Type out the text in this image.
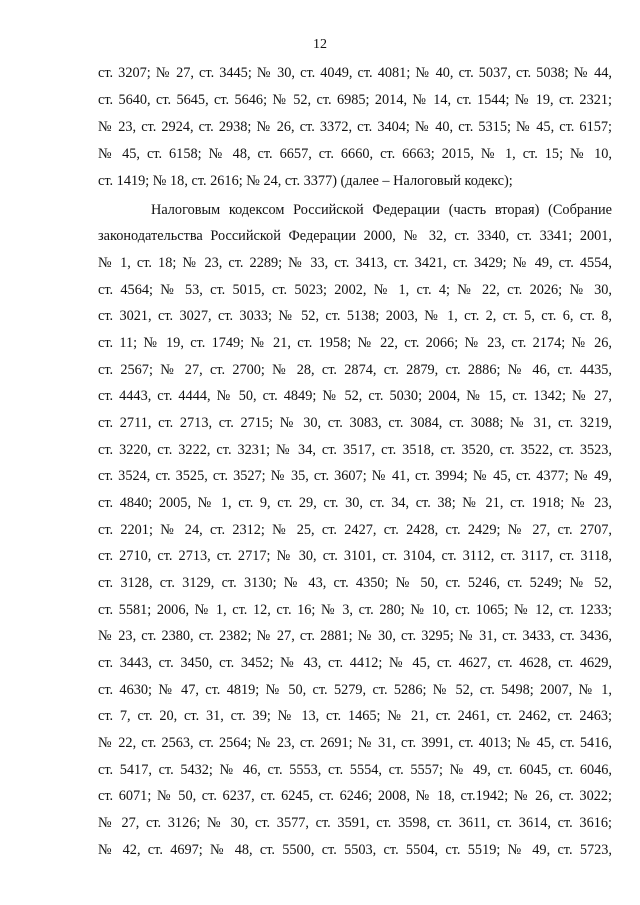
12
ст. 3207; № 27, ст. 3445; № 30, ст. 4049, ст. 4081; № 40, ст. 5037, ст. 5038; № 44,
ст. 5640, ст. 5645, ст. 5646; № 52, ст. 6985; 2014, № 14, ст. 1544; № 19, ст. 2321;
№ 23, ст. 2924, ст. 2938; № 26, ст. 3372, ст. 3404; № 40, ст. 5315; № 45, ст. 6157;
№ 45, ст. 6158; № 48, ст. 6657, ст. 6660, ст. 6663; 2015, № 1, ст. 15; № 10,
ст. 1419; № 18, ст. 2616; № 24, ст. 3377) (далее – Налоговый кодекс);
Налоговым кодексом Российской Федерации (часть вторая) (Собрание
законодательства Российской Федерации 2000, № 32, ст. 3340, ст. 3341; 2001,
№ 1, ст. 18; № 23, ст. 2289; № 33, ст. 3413, ст. 3421, ст. 3429; № 49, ст. 4554,
ст. 4564; № 53, ст. 5015, ст. 5023; 2002, № 1, ст. 4; № 22, ст. 2026; № 30,
ст. 3021, ст. 3027, ст. 3033; № 52, ст. 5138; 2003, № 1, ст. 2, ст. 5, ст. 6, ст. 8,
ст. 11; № 19, ст. 1749; № 21, ст. 1958; № 22, ст. 2066; № 23, ст. 2174; № 26,
ст. 2567; № 27, ст. 2700; № 28, ст. 2874, ст. 2879, ст. 2886; № 46, ст. 4435,
ст. 4443, ст. 4444, № 50, ст. 4849; № 52, ст. 5030; 2004, № 15, ст. 1342; № 27,
ст. 2711, ст. 2713, ст. 2715; № 30, ст. 3083, ст. 3084, ст. 3088; № 31, ст. 3219,
ст. 3220, ст. 3222, ст. 3231; № 34, ст. 3517, ст. 3518, ст. 3520, ст. 3522, ст. 3523,
ст. 3524, ст. 3525, ст. 3527; № 35, ст. 3607; № 41, ст. 3994; № 45, ст. 4377; № 49,
ст. 4840; 2005, № 1, ст. 9, ст. 29, ст. 30, ст. 34, ст. 38; № 21, ст. 1918; № 23,
ст. 2201; № 24, ст. 2312; № 25, ст. 2427, ст. 2428, ст. 2429; № 27, ст. 2707,
ст. 2710, ст. 2713, ст. 2717; № 30, ст. 3101, ст. 3104, ст. 3112, ст. 3117, ст. 3118,
ст. 3128, ст. 3129, ст. 3130; № 43, ст. 4350; № 50, ст. 5246, ст. 5249; № 52,
ст. 5581; 2006, № 1, ст. 12, ст. 16; № 3, ст. 280; № 10, ст. 1065; № 12, ст. 1233;
№ 23, ст. 2380, ст. 2382; № 27, ст. 2881; № 30, ст. 3295; № 31, ст. 3433, ст. 3436,
ст. 3443, ст. 3450, ст. 3452; № 43, ст. 4412; № 45, ст. 4627, ст. 4628, ст. 4629,
ст. 4630; № 47, ст. 4819; № 50, ст. 5279, ст. 5286; № 52, ст. 5498; 2007, № 1,
ст. 7, ст. 20, ст. 31, ст. 39; № 13, ст. 1465; № 21, ст. 2461, ст. 2462, ст. 2463;
№ 22, ст. 2563, ст. 2564; № 23, ст. 2691; № 31, ст. 3991, ст. 4013; № 45, ст. 5416,
ст. 5417, ст. 5432; № 46, ст. 5553, ст. 5554, ст. 5557; № 49, ст. 6045, ст. 6046,
ст. 6071; № 50, ст. 6237, ст. 6245, ст. 6246; 2008, № 18, ст.1942; № 26, ст. 3022;
№ 27, ст. 3126; № 30, ст. 3577, ст. 3591, ст. 3598, ст. 3611, ст. 3614, ст. 3616;
№ 42, ст. 4697; № 48, ст. 5500, ст. 5503, ст. 5504, ст. 5519; № 49, ст. 5723,
